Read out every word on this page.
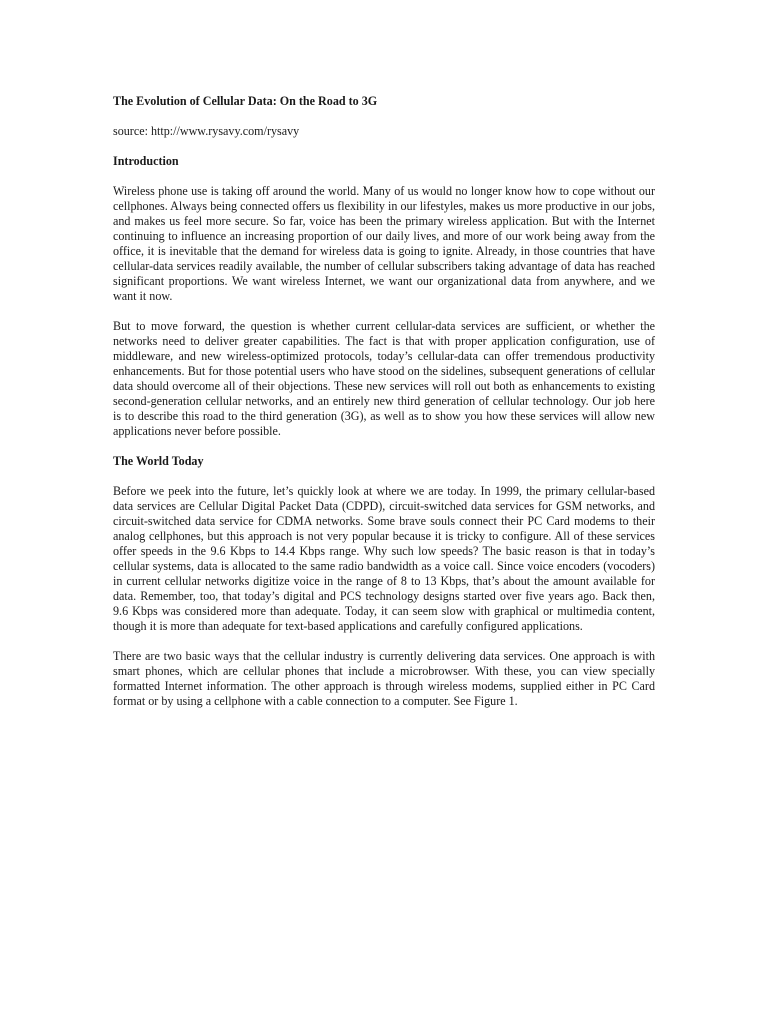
The Evolution of Cellular Data: On the Road to 3G
source: http://www.rysavy.com/rysavy
Introduction

Wireless phone use is taking off around the world. Many of us would no longer know how to cope without our cellphones. Always being connected offers us flexibility in our lifestyles, makes us more productive in our jobs, and makes us feel more secure. So far, voice has been the primary wireless application. But with the Internet continuing to influence an increasing proportion of our daily lives, and more of our work being away from the office, it is inevitable that the demand for wireless data is going to ignite. Already, in those countries that have cellular-data services readily available, the number of cellular subscribers taking advantage of data has reached significant proportions. We want wireless Internet, we want our organizational data from anywhere, and we want it now.

But to move forward, the question is whether current cellular-data services are sufficient, or whether the networks need to deliver greater capabilities. The fact is that with proper application configuration, use of middleware, and new wireless-optimized protocols, today’s cellular-data can offer tremendous productivity enhancements. But for those potential users who have stood on the sidelines, subsequent generations of cellular data should overcome all of their objections. These new services will roll out both as enhancements to existing second-generation cellular networks, and an entirely new third generation of cellular technology. Our job here is to describe this road to the third generation (3G), as well as to show you how these services will allow new applications never before possible.

The World Today

Before we peek into the future, let’s quickly look at where we are today. In 1999, the primary cellular-based data services are Cellular Digital Packet Data (CDPD), circuit-switched data services for GSM networks, and circuit-switched data service for CDMA networks. Some brave souls connect their PC Card modems to their analog cellphones, but this approach is not very popular because it is tricky to configure. All of these services offer speeds in the 9.6 Kbps to 14.4 Kbps range. Why such low speeds? The basic reason is that in today’s cellular systems, data is allocated to the same radio bandwidth as a voice call. Since voice encoders (vocoders) in current cellular networks digitize voice in the range of 8 to 13 Kbps, that’s about the amount available for data. Remember, too, that today’s digital and PCS technology designs started over five years ago. Back then, 9.6 Kbps was considered more than adequate. Today, it can seem slow with graphical or multimedia content, though it is more than adequate for text-based applications and carefully configured applications.

There are two basic ways that the cellular industry is currently delivering data services. One approach is with smart phones, which are cellular phones that include a microbrowser. With these, you can view specially formatted Internet information. The other approach is through wireless modems, supplied either in PC Card format or by using a cellphone with a cable connection to a computer. See Figure 1.
